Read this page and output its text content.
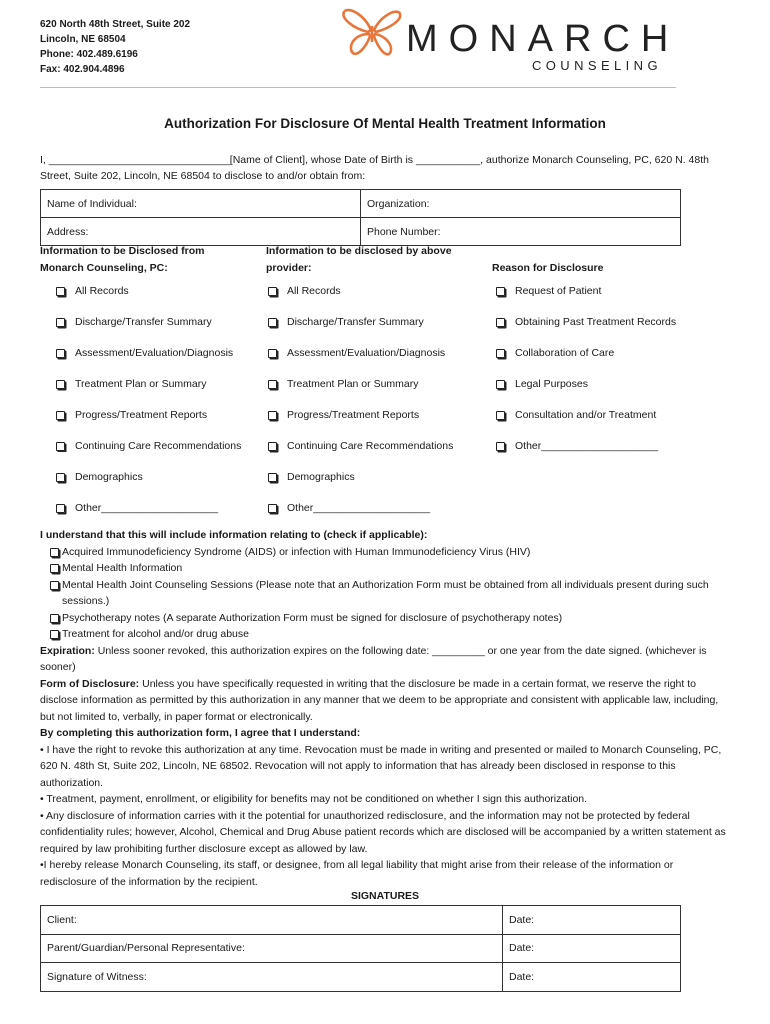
620 North 48th Street, Suite 202
Lincoln, NE 68504
Phone: 402.489.6196
Fax: 402.904.4896
MONARCH
COUNSELING
Authorization For Disclosure Of Mental Health Treatment Information
I, _______________________________[Name of Client], whose Date of Birth is ___________, authorize Monarch Counseling, PC, 620 N. 48th Street, Suite 202, Lincoln, NE 68504 to disclose to and/or obtain from:
Name of Individual:	Organization:
Address:	Phone Number:
Information to be Disclosed from Monarch Counseling, PC:
Information to be disclosed by above provider:	Reason for Disclosure
All Records
Discharge/Transfer Summary
Assessment/Evaluation/Diagnosis
Treatment Plan or Summary
Progress/Treatment Reports
Continuing Care Recommendations
Demographics
Other____________________
All Records
Discharge/Transfer Summary
Assessment/Evaluation/Diagnosis
Treatment Plan or Summary
Progress/Treatment Reports
Continuing Care Recommendations
Demographics
Other____________________
Request of Patient
Obtaining Past Treatment Records
Collaboration of Care
Legal Purposes
Consultation and/or Treatment
Other____________________
I understand that this will include information relating to (check if applicable):
Acquired Immunodeficiency Syndrome (AIDS) or infection with Human Immunodeficiency Virus (HIV)
Mental Health Information
Mental Health Joint Counseling Sessions (Please note that an Authorization Form must be obtained from all individuals present during such sessions.)
Psychotherapy notes (A separate Authorization Form must be signed for disclosure of psychotherapy notes)
Treatment for alcohol and/or drug abuse
Expiration: Unless sooner revoked, this authorization expires on the following date: _________ or one year from the date signed. (whichever is sooner)
Form of Disclosure: Unless you have specifically requested in writing that the disclosure be made in a certain format, we reserve the right to disclose information as permitted by this authorization in any manner that we deem to be appropriate and consistent with applicable law, including, but not limited to, verbally, in paper format or electronically.
By completing this authorization form, I agree that I understand:
• I have the right to revoke this authorization at any time. Revocation must be made in writing and presented or mailed to Monarch Counseling, PC, 620 N. 48th St, Suite 202, Lincoln, NE 68502. Revocation will not apply to information that has already been disclosed in response to this authorization.
• Treatment, payment, enrollment, or eligibility for benefits may not be conditioned on whether I sign this authorization.
• Any disclosure of information carries with it the potential for unauthorized redisclosure, and the information may not be protected by federal confidentiality rules; however, Alcohol, Chemical and Drug Abuse patient records which are disclosed will be accompanied by a written statement as required by law prohibiting further disclosure except as allowed by law.
•I hereby release Monarch Counseling, its staff, or designee, from all legal liability that might arise from their release of the information or redisclosure of the information by the recipient.
SIGNATURES
Client:	Date:
Parent/Guardian/Personal Representative:	Date:
Signature of Witness:	Date:
